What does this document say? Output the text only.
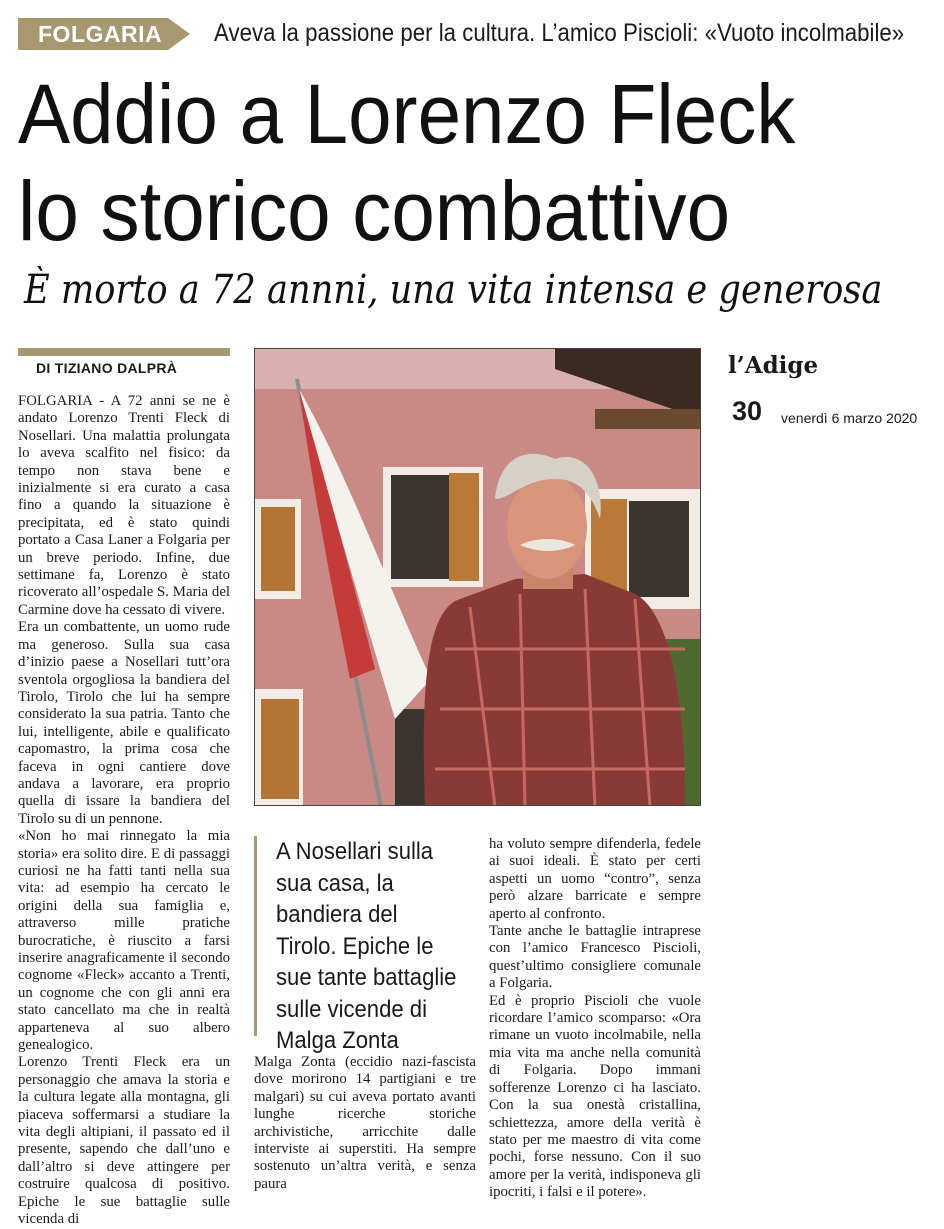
FOLGARIA Aveva la passione per la cultura. L’amico Piscioli: «Vuoto incolmabile»
Addio a Lorenzo Fleck
lo storico combattivo
È morto a 72 annni, una vita intensa e generosa
DI TIZIANO DALPRÀ

FOLGARIA - A 72 anni se ne è andato Lorenzo Trenti Fleck di Nosellari. Una malattia prolungata lo aveva scalfito nel fisico: da tempo non stava bene e inizialmente si era curato a casa fino a quando la situazione è precipitata, ed è stato quindi portato a Casa Laner a Folgaria per un breve periodo. Infine, due settimane fa, Lorenzo è stato ricoverato all’ospedale S. Maria del Carmine dove ha cessato di vivere.

Era un combattente, un uomo rude ma generoso. Sulla sua casa d’inizio paese a Nosellari tutt’ora sventola orgogliosa la bandiera del Tirolo, Tirolo che lui ha sempre considerato la sua patria. Tanto che lui, intelligente, abile e qualificato capomastro, la prima cosa che faceva in ogni cantiere dove andava a lavorare, era proprio quella di issare la bandiera del Tirolo su di un pennone.

«Non ho mai rinnegato la mia storia» era solito dire. E di passaggi curiosi ne ha fatti tanti nella sua vita: ad esempio ha cercato le origini della sua famiglia e, attraverso mille pratiche burocratiche, è riuscito a farsi inserire anagraficamente il secondo cognome «Fleck» accanto a Trenti, un cognome che con gli anni era stato cancellato ma che in realtà apparteneva al suo albero genealogico.

Lorenzo Trenti Fleck era un personaggio che amava la storia e la cultura legate alla montagna, gli piaceva soffermarsi a studiare la vita degli altipiani, il passato ed il presente, sapendo che dall’uno e dall’altro si deve attingere per costruire qualcosa di positivo. Epiche le sue battaglie sulle vicenda di

A Nosellari sulla sua casa, la bandiera del Tirolo. Epiche le sue tante battaglie sulle vicende di Malga Zonta

Malga Zonta (eccidio nazi-fascista dove morirono 14 partigiani e tre malgari) su cui aveva portato avanti lunghe ricerche storiche archivistiche, arricchite dalle interviste ai superstiti. Ha sempre sostenuto un’altra verità, e senza paura

ha voluto sempre difenderla, fedele ai suoi ideali. È stato per certi aspetti un uomo “contro”, senza però alzare barricate e sempre aperto al confronto.

Tante anche le battaglie intraprese con l’amico Francesco Piscioli, quest’ultimo consigliere comunale a Folgaria.

Ed è proprio Piscioli che vuole ricordare l’amico scomparso: «Ora rimane un vuoto incolmabile, nella mia vita ma anche nella comunità di Folgaria. Dopo immani sofferenze Lorenzo ci ha lasciato. Con la sua onestà cristallina, schiettezza, amore della verità è stato per me maestro di vita come pochi, forse nessuno. Con il suo amore per la verità, indisponeva gli ipocriti, i falsi e il potere».

l’Adige
30 venerdì 6 marzo 2020
